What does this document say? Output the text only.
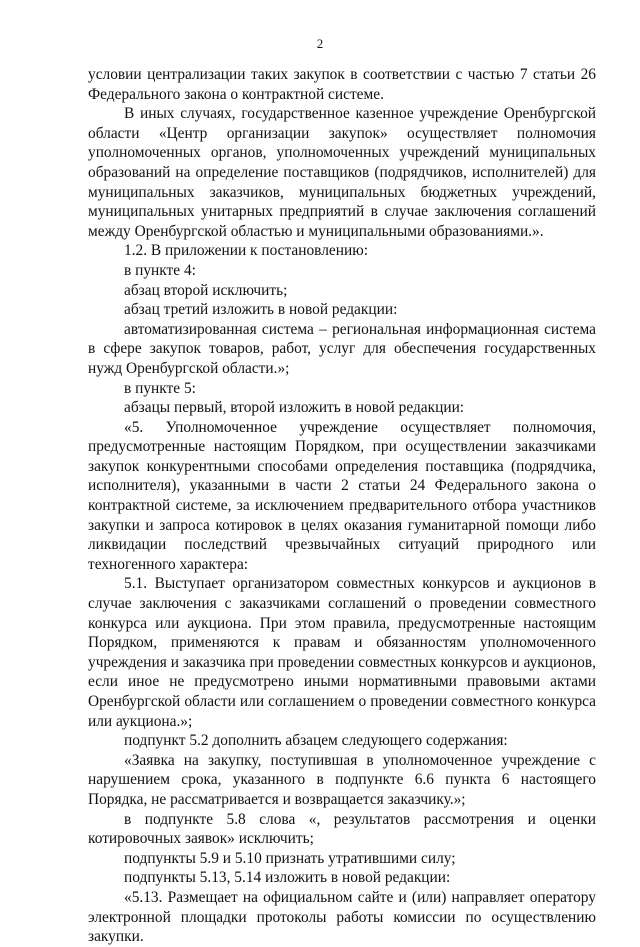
2

условии централизации таких закупок в соответствии с частью 7 статьи 26 Федерального закона о контрактной системе.

В иных случаях, государственное казенное учреждение Оренбургской области «Центр организации закупок» осуществляет полномочия уполномоченных органов, уполномоченных учреждений муниципальных образований на определение поставщиков (подрядчиков, исполнителей) для муниципальных заказчиков, муниципальных бюджетных учреждений, муниципальных унитарных предприятий в случае заключения соглашений между Оренбургской областью и муниципальными образованиями.».

1.2. В приложении к постановлению:

в пункте 4:

абзац второй исключить;

абзац третий изложить в новой редакции:

автоматизированная система – региональная информационная система в сфере закупок товаров, работ, услуг для обеспечения государственных нужд Оренбургской области.»;

в пункте 5:

абзацы первый, второй изложить в новой редакции:

«5. Уполномоченное учреждение осуществляет полномочия, предусмотренные настоящим Порядком, при осуществлении заказчиками закупок конкурентными способами определения поставщика (подрядчика, исполнителя), указанными в части 2 статьи 24 Федерального закона о контрактной системе, за исключением предварительного отбора участников закупки и запроса котировок в целях оказания гуманитарной помощи либо ликвидации последствий чрезвычайных ситуаций природного или техногенного характера:

5.1. Выступает организатором совместных конкурсов и аукционов в случае заключения с заказчиками соглашений о проведении совместного конкурса или аукциона. При этом правила, предусмотренные настоящим Порядком, применяются к правам и обязанностям уполномоченного учреждения и заказчика при проведении совместных конкурсов и аукционов, если иное не предусмотрено иными нормативными правовыми актами Оренбургской области или соглашением о проведении совместного конкурса или аукциона.»;

подпункт 5.2 дополнить абзацем следующего содержания:

«Заявка на закупку, поступившая в уполномоченное учреждение с нарушением срока, указанного в подпункте 6.6 пункта 6 настоящего Порядка, не рассматривается и возвращается заказчику.»;

в подпункте 5.8 слова «, результатов рассмотрения и оценки котировочных заявок» исключить;

подпункты 5.9 и 5.10 признать утратившими силу;

подпункты 5.13, 5.14 изложить в новой редакции:

«5.13. Размещает на официальном сайте и (или) направляет оператору электронной площадки протоколы работы комиссии по осуществлению закупки.
